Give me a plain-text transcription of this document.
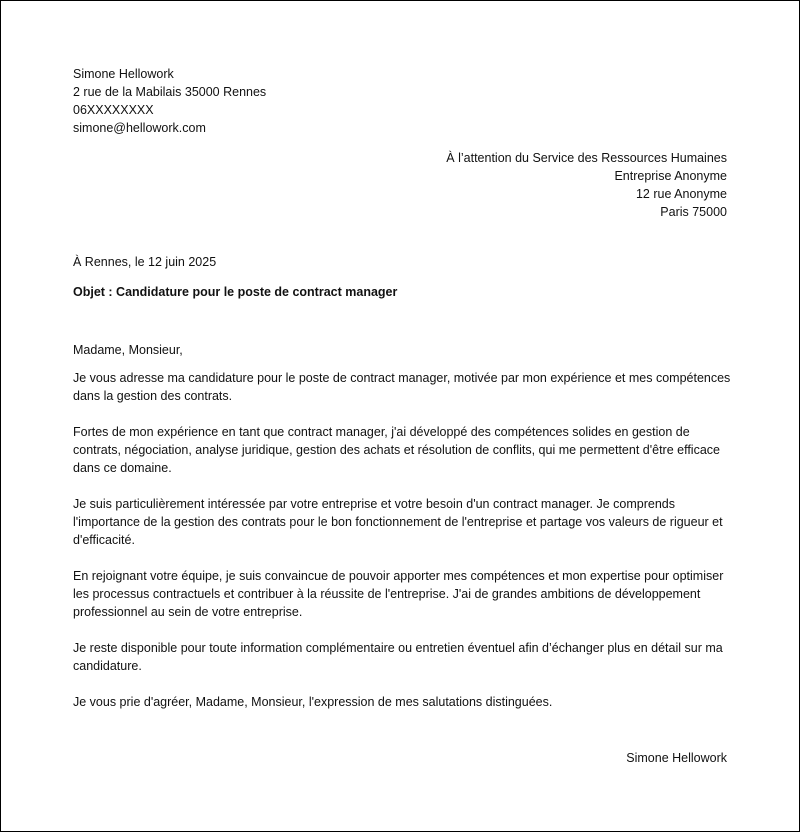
Simone Hellowork
2 rue de la Mabilais 35000 Rennes
06XXXXXXXX
simone@hellowork.com
À l’attention du Service des Ressources Humaines
Entreprise Anonyme
12 rue Anonyme
Paris 75000
À Rennes, le 12 juin 2025
Objet : Candidature pour le poste de contract manager

Madame, Monsieur,

Je vous adresse ma candidature pour le poste de contract manager, motivée par mon expérience et mes compétences dans la gestion des contrats.

Fortes de mon expérience en tant que contract manager, j'ai développé des compétences solides en gestion de contrats, négociation, analyse juridique, gestion des achats et résolution de conflits, qui me permettent d'être efficace dans ce domaine.

Je suis particulièrement intéressée par votre entreprise et votre besoin d'un contract manager. Je comprends l'importance de la gestion des contrats pour le bon fonctionnement de l'entreprise et partage vos valeurs de rigueur et d'efficacité.

En rejoignant votre équipe, je suis convaincue de pouvoir apporter mes compétences et mon expertise pour optimiser les processus contractuels et contribuer à la réussite de l'entreprise. J'ai de grandes ambitions de développement professionnel au sein de votre entreprise.

Je reste disponible pour toute information complémentaire ou entretien éventuel afin d’échanger plus en détail sur ma candidature.

Je vous prie d'agréer, Madame, Monsieur, l'expression de mes salutations distinguées.

Simone Hellowork
